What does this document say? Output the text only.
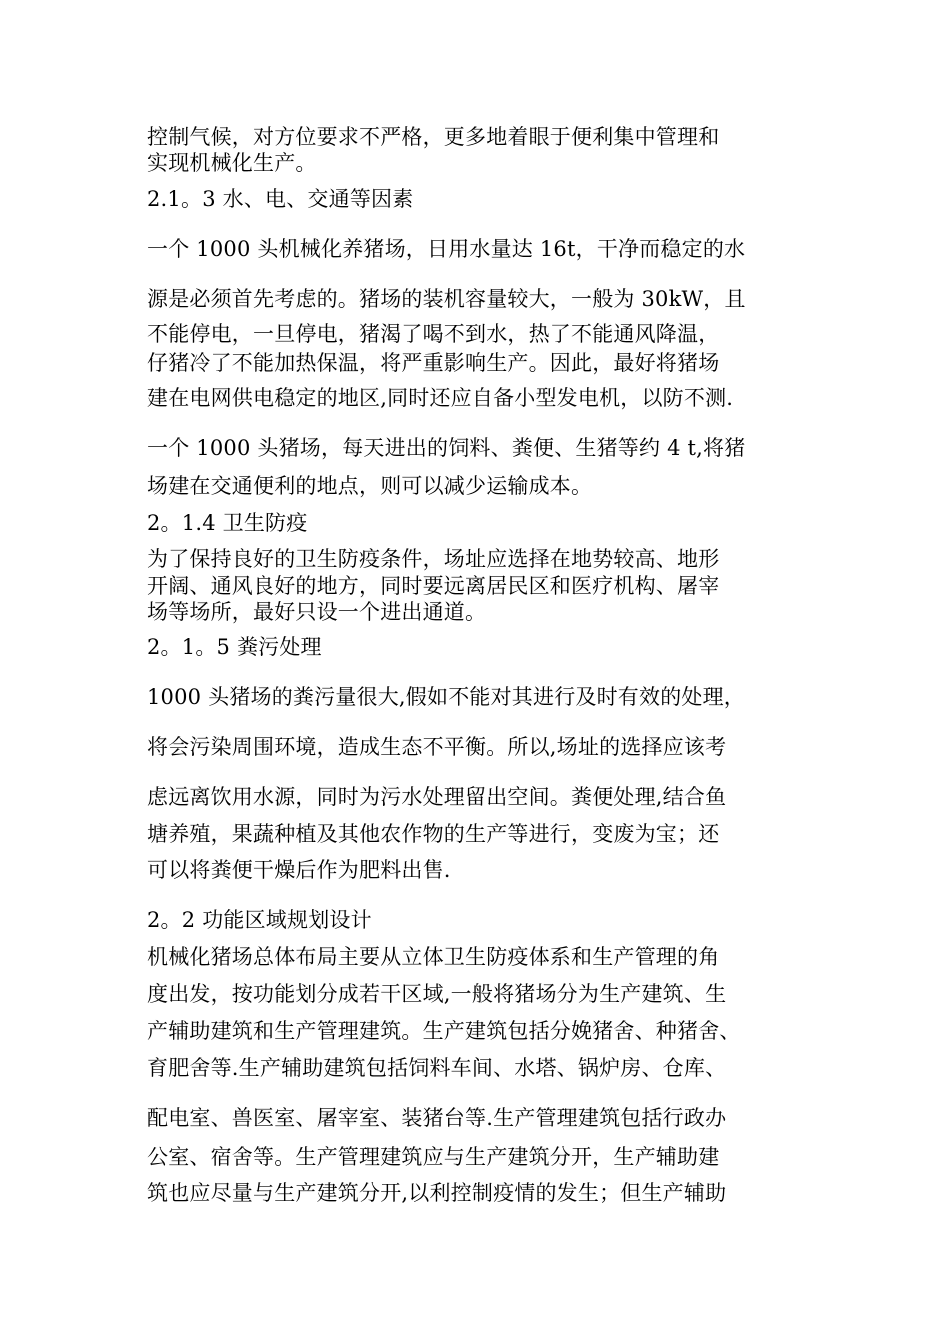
控制气候，对方位要求不严格，更多地着眼于便利集中管理和
实现机械化生产。
2.1。3 水、电、交通等因素
一个 1000 头机械化养猪场，日用水量达 16t，干净而稳定的水
源是必须首先考虑的。猪场的装机容量较大，一般为 30kW，且
不能停电，一旦停电，猪渴了喝不到水，热了不能通风降温，
仔猪冷了不能加热保温，将严重影响生产。因此，最好将猪场
建在电网供电稳定的地区,同时还应自备小型发电机，以防不测.
一个 1000 头猪场，每天进出的饲料、粪便、生猪等约 4 t,将猪
场建在交通便利的地点，则可以减少运输成本。
2。1.4 卫生防疫
为了保持良好的卫生防疫条件，场址应选择在地势较高、地形
开阔、通风良好的地方，同时要远离居民区和医疗机构、屠宰
场等场所，最好只设一个进出通道。
2。1。5 粪污处理
1000 头猪场的粪污量很大,假如不能对其进行及时有效的处理，
将会污染周围环境，造成生态不平衡。所以,场址的选择应该考
虑远离饮用水源，同时为污水处理留出空间。粪便处理,结合鱼
塘养殖，果蔬种植及其他农作物的生产等进行，变废为宝；还
可以将粪便干燥后作为肥料出售.
2。2 功能区域规划设计
机械化猪场总体布局主要从立体卫生防疫体系和生产管理的角
度出发，按功能划分成若干区域,一般将猪场分为生产建筑、生
产辅助建筑和生产管理建筑。生产建筑包括分娩猪舍、种猪舍、
育肥舍等.生产辅助建筑包括饲料车间、水塔、锅炉房、仓库、
配电室、兽医室、屠宰室、装猪台等.生产管理建筑包括行政办
公室、宿舍等。生产管理建筑应与生产建筑分开，生产辅助建
筑也应尽量与生产建筑分开,以利控制疫情的发生；但生产辅助
